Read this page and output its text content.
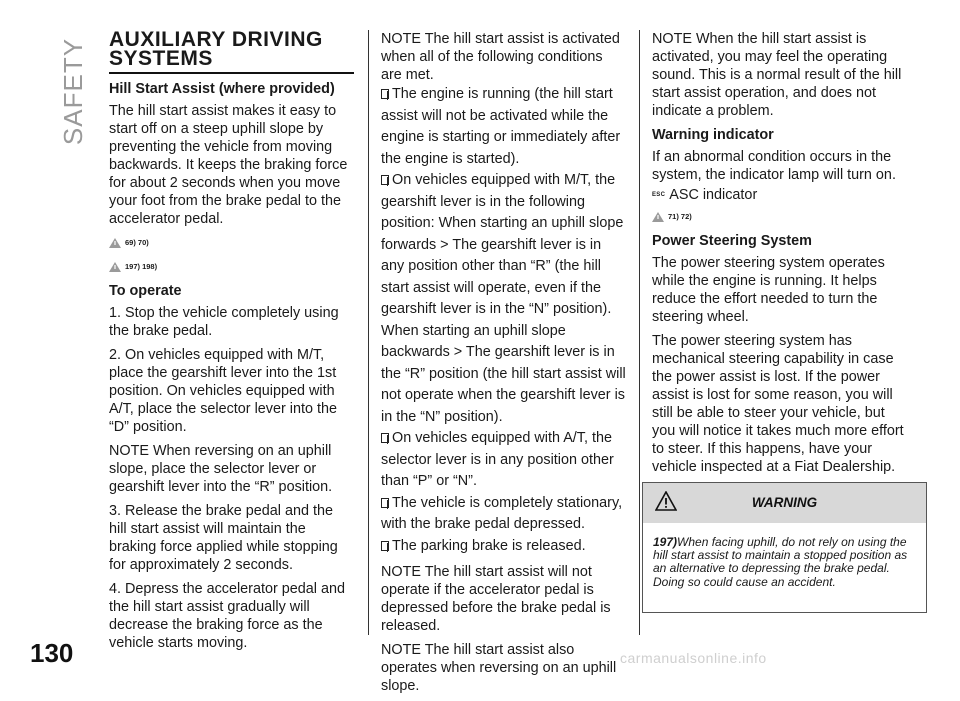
SAFETY AUXILIARY DRIVING SYSTEMS
Hill Start Assist (where provided)

The hill start assist makes it easy to start off on a steep uphill slope by preventing the vehicle from moving backwards. It keeps the braking force for about 2 seconds when you move your foot from the brake pedal to the accelerator pedal.

69) 70)
197) 198)
To operate

1. Stop the vehicle completely using the brake pedal.

2. On vehicles equipped with M/T, place the gearshift lever into the 1st position. On vehicles equipped with A/T, place the selector lever into the “D” position.

NOTE When reversing on an uphill slope, place the selector lever or gearshift lever into the “R” position.

3. Release the brake pedal and the hill start assist will maintain the braking force applied while stopping for approximately 2 seconds.

4. Depress the accelerator pedal and the hill start assist gradually will decrease the braking force as the vehicle starts moving.

NOTE The hill start assist is activated when all of the following conditions are met.

The engine is running (the hill start assist will not be activated while the engine is starting or immediately after the engine is started).
On vehicles equipped with M/T, the gearshift lever is in the following position: When starting an uphill slope forwards > The gearshift lever is in any position other than “R” (the hill start assist will operate, even if the gearshift lever is in the “N” position). When starting an uphill slope backwards > The gearshift lever is in the “R” position (the hill start assist will not operate when the gearshift lever is in the “N” position).
On vehicles equipped with A/T, the selector lever is in any position other than “P” or “N”.
The vehicle is completely stationary, with the brake pedal depressed.
The parking brake is released.

NOTE The hill start assist will not operate if the accelerator pedal is depressed before the brake pedal is released.

NOTE The hill start assist also operates when reversing on an uphill slope.

NOTE When the hill start assist is activated, you may feel the operating sound. This is a normal result of the hill start assist operation, and does not indicate a problem.

Warning indicator

If an abnormal condition occurs in the system, the indicator lamp will turn on.

ESC ASC indicator
71) 72)
Power Steering System

The power steering system operates while the engine is running. It helps reduce the effort needed to turn the steering wheel.

The power steering system has mechanical steering capability in case the power assist is lost. If the power assist is lost for some reason, you will still be able to steer your vehicle, but you will notice it takes much more effort to steer. If this happens, have your vehicle inspected at a Fiat Dealership.

WARNING
197)When facing uphill, do not rely on using the hill start assist to maintain a stopped position as an alternative to depressing the brake pedal. Doing so could cause an accident.
130	carmanualsonline.info
